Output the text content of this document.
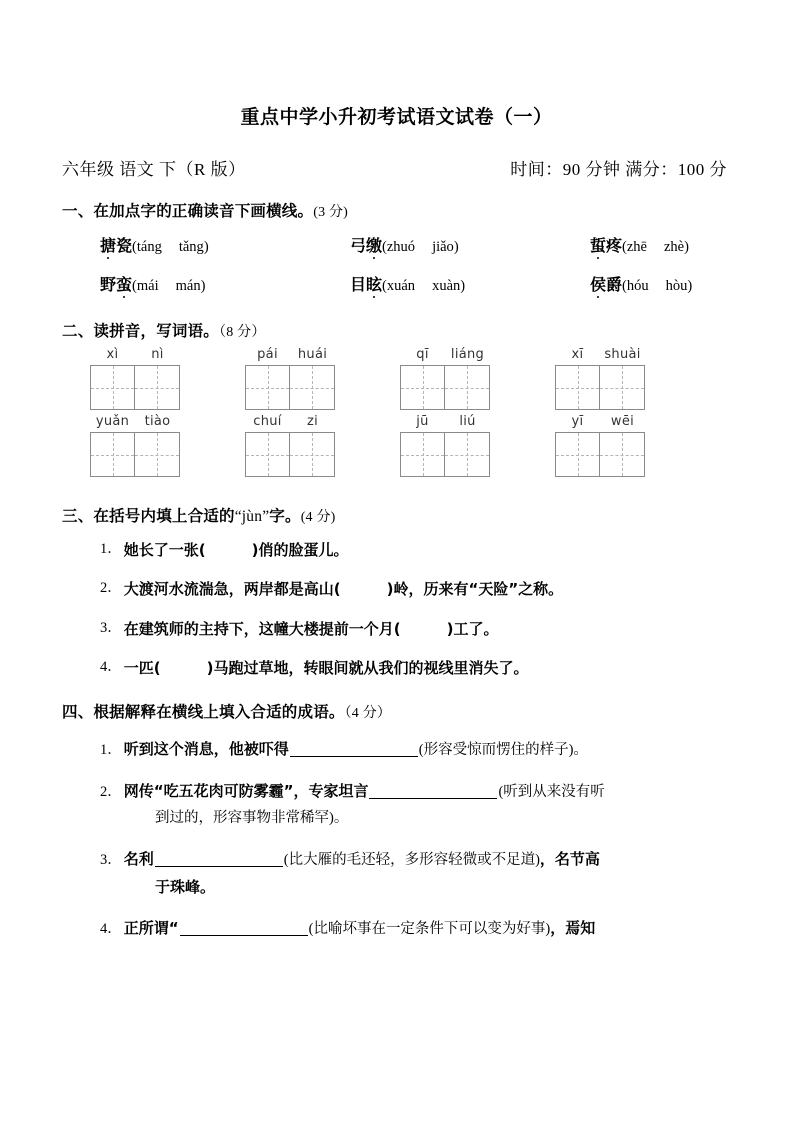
重点中学小升初考试语文试卷（一）
六年级 语文 下（R 版）	时间：90 分钟 满分：100 分
一、在加点字的正确读音下画横线。(3 分)
搪瓷 (táng tǎng)	弓缴 (zhuó jiǎo)	蜇疼 (zhē zhè)
野蛮 (mái mán)	目眩 (xuán xuàn)	侯爵 (hóu hòu)
二、读拼音，写词语。（8 分）
xì	nì	pái	huái	qī	liáng	xī	shuài
yuǎn	tiào	chuí	zi	jū	liú	yī	wēi
三、在括号内填上合适的“jùn”字。(4 分)
1． 她长了一张(	)俏的脸蛋儿。
2． 大渡河水流湍急，两岸都是高山(	)岭，历来有“天险”之称。
3． 在建筑师的主持下，这幢大楼提前一个月(	)工了。
4． 一匹(	)马跑过草地，转眼间就从我们的视线里消失了。
四、根据解释在横线上填入合适的成语。（4 分）
1． 听到这个消息，他被吓得	(形容受惊而愣住的样子)。
2． 网传“吃五花肉可防雾霾”，专家坦言	(听到从来没有听
到过的，形容事物非常稀罕)。
3． 名利	(比大雁的毛还轻，多形容轻微或不足道)，名节高
于珠峰。
4． 正所谓“	(比喻坏事在一定条件下可以变为好事)，焉知
